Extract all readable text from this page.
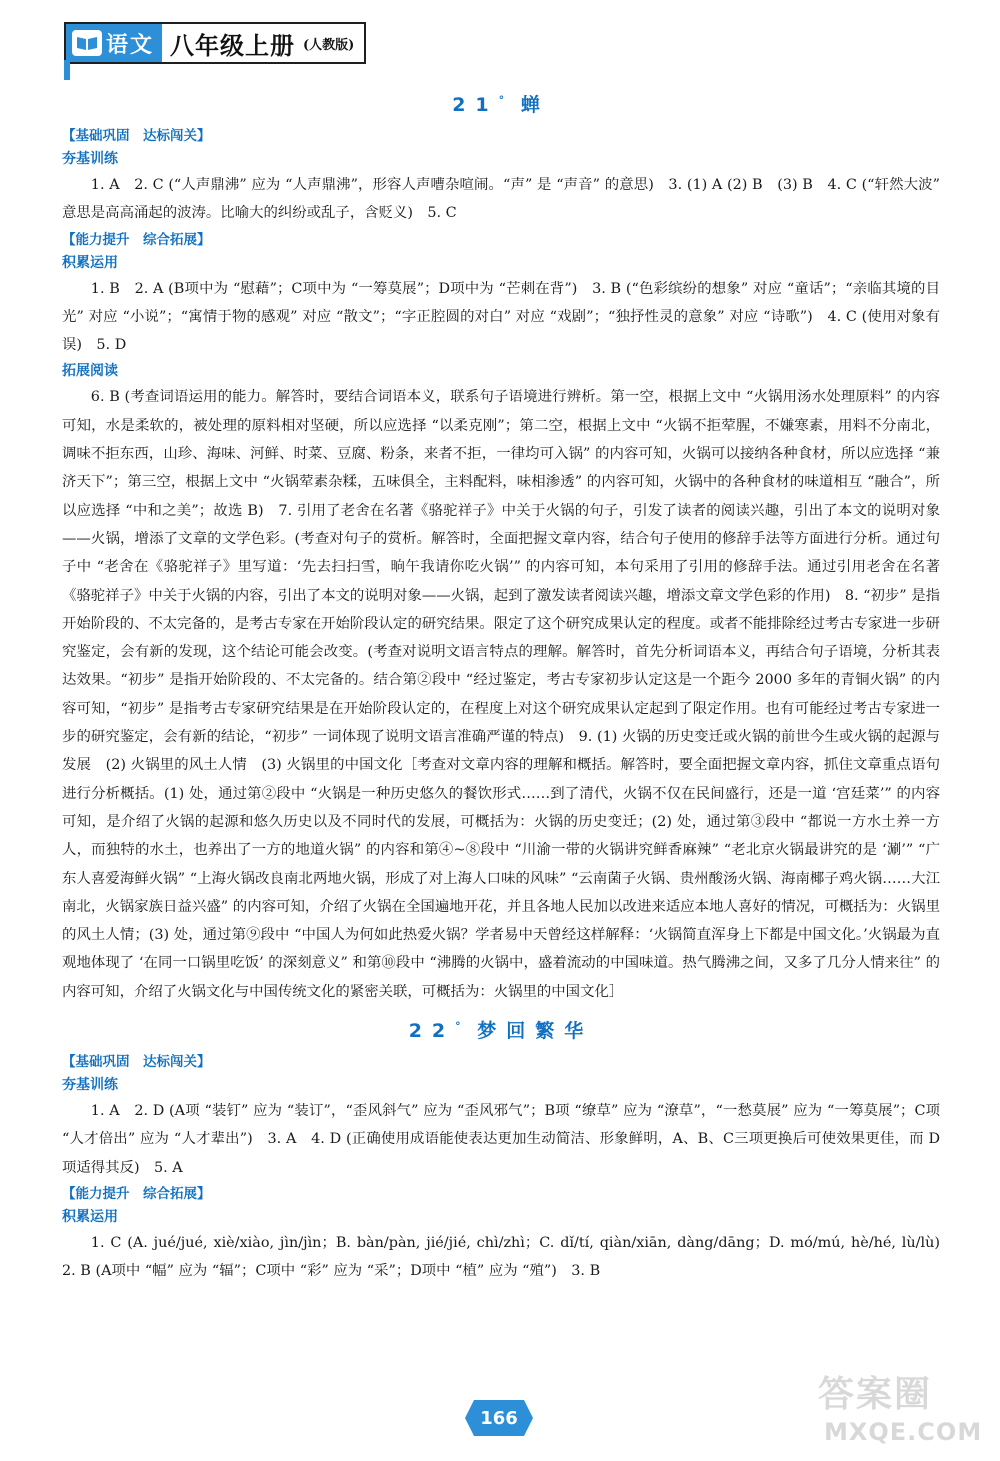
语文 八年级上册 (人教版)
21° 蝉
【基础巩固　达标闯关】
夯基训练

1. A　2. C (“人声鼎沸” 应为 “人声鼎沸”，形容人声嘈杂喧闹。“声” 是 “声音” 的意思)　3. (1) A (2) B　(3) B　4. C (“轩然大波” 意思是高高涌起的波涛。比喻大的纠纷或乱子，含贬义)　5. C

【能力提升　综合拓展】
积累运用

1. B　2. A (B项中为 “慰藉”；C项中为 “一筹莫展”；D项中为 “芒刺在背”)　3. B (“色彩缤纷的想象” 对应 “童话”；“亲临其境的目光” 对应 “小说”；“寓情于物的感观” 对应 “散文”；“字正腔圆的对白” 对应 “戏剧”；“独抒性灵的意象” 对应 “诗歌”)　4. C (使用对象有误)　5. D

拓展阅读

6. B (考查词语运用的能力。解答时，要结合词语本义，联系句子语境进行辨析。第一空，根据上文中 “火锅用汤水处理原料” 的内容可知，水是柔软的，被处理的原料相对坚硬，所以应选择 “以柔克刚”；第二空，根据上文中 “火锅不拒荤腥，不嫌寒素，用料不分南北，调味不拒东西，山珍、海味、河鲜、时菜、豆腐、粉条，来者不拒，一律均可入锅” 的内容可知，火锅可以接纳各种食材，所以应选择 “兼济天下”；第三空，根据上文中 “火锅荤素杂糅，五味俱全，主料配料，味相渗透” 的内容可知，火锅中的各种食材的味道相互 “融合”，所以应选择 “中和之美”；故选 B)　7. 引用了老舍在名著《骆驼祥子》中关于火锅的句子，引发了读者的阅读兴趣，引出了本文的说明对象——火锅，增添了文章的文学色彩。(考查对句子的赏析。解答时，全面把握文章内容，结合句子使用的修辞手法等方面进行分析。通过句子中 “老舍在《骆驼祥子》里写道：‘先去扫扫雪，晌午我请你吃火锅’” 的内容可知，本句采用了引用的修辞手法。通过引用老舍在名著《骆驼祥子》中关于火锅的内容，引出了本文的说明对象——火锅，起到了激发读者阅读兴趣，增添文章文学色彩的作用)　8. “初步” 是指开始阶段的、不太完备的，是考古专家在开始阶段认定的研究结果。限定了这个研究成果认定的程度。或者不能排除经过考古专家进一步研究鉴定，会有新的发现，这个结论可能会改变。(考查对说明文语言特点的理解。解答时，首先分析词语本义，再结合句子语境，分析其表达效果。“初步” 是指开始阶段的、不太完备的。结合第②段中 “经过鉴定，考古专家初步认定这是一个距今 2000 多年的青铜火锅” 的内容可知，“初步” 是指考古专家研究结果是在开始阶段认定的，在程度上对这个研究成果认定起到了限定作用。也有可能经过考古专家进一步的研究鉴定，会有新的结论，“初步” 一词体现了说明文语言准确严谨的特点)　9. (1) 火锅的历史变迁或火锅的前世今生或火锅的起源与发展　(2) 火锅里的风土人情　(3) 火锅里的中国文化［考查对文章内容的理解和概括。解答时，要全面把握文章内容，抓住文章重点语句进行分析概括。(1) 处，通过第②段中 “火锅是一种历史悠久的餐饮形式……到了清代，火锅不仅在民间盛行，还是一道 ‘宫廷菜’” 的内容可知，是介绍了火锅的起源和悠久历史以及不同时代的发展，可概括为：火锅的历史变迁；(2) 处，通过第③段中 “都说一方水土养一方人，而独特的水土，也养出了一方的地道火锅” 的内容和第④~⑧段中 “川渝一带的火锅讲究鲜香麻辣” “老北京火锅最讲究的是 ‘涮’” “广东人喜爱海鲜火锅” “上海火锅改良南北两地火锅，形成了对上海人口味的风味” “云南菌子火锅、贵州酸汤火锅、海南椰子鸡火锅……大江南北，火锅家族日益兴盛” 的内容可知，介绍了火锅在全国遍地开花，并且各地人民加以改进来适应本地人喜好的情况，可概括为：火锅里的风土人情；(3) 处，通过第⑨段中 “中国人为何如此热爱火锅？学者易中天曾经这样解释：‘火锅简直浑身上下都是中国文化。’火锅最为直观地体现了 ‘在同一口锅里吃饭’ 的深刻意义” 和第⑩段中 “沸腾的火锅中，盛着流动的中国味道。热气腾沸之间，又多了几分人情来往” 的内容可知，介绍了火锅文化与中国传统文化的紧密关联，可概括为：火锅里的中国文化］

22° 梦回繁华
【基础巩固　达标闯关】
夯基训练

1. A　2. D (A项 “装钉” 应为 “装订”，“歪风斜气” 应为 “歪风邪气”；B项 “缭草” 应为 “潦草”，“一愁莫展” 应为 “一筹莫展”；C项 “人才倍出” 应为 “人才辈出”)　3. A　4. D (正确使用成语能使表达更加生动简洁、形象鲜明，A、B、C三项更换后可使效果更佳，而 D项适得其反)　5. A

【能力提升　综合拓展】
积累运用

1. C (A. jué/jué, xiè/xiào, jìn/jìn；B. bàn/pàn, jié/jié, chì/zhì；C. dǐ/tí, qiàn/xiān, dàng/dāng；D. mó/mú, hè/hé, lù/lù)　2. B (A项中 “幅” 应为 “辐”；C项中 “彩” 应为 “采”；D项中 “植” 应为 “殖”)　3. B

166
答案圈
MXQE.COM
